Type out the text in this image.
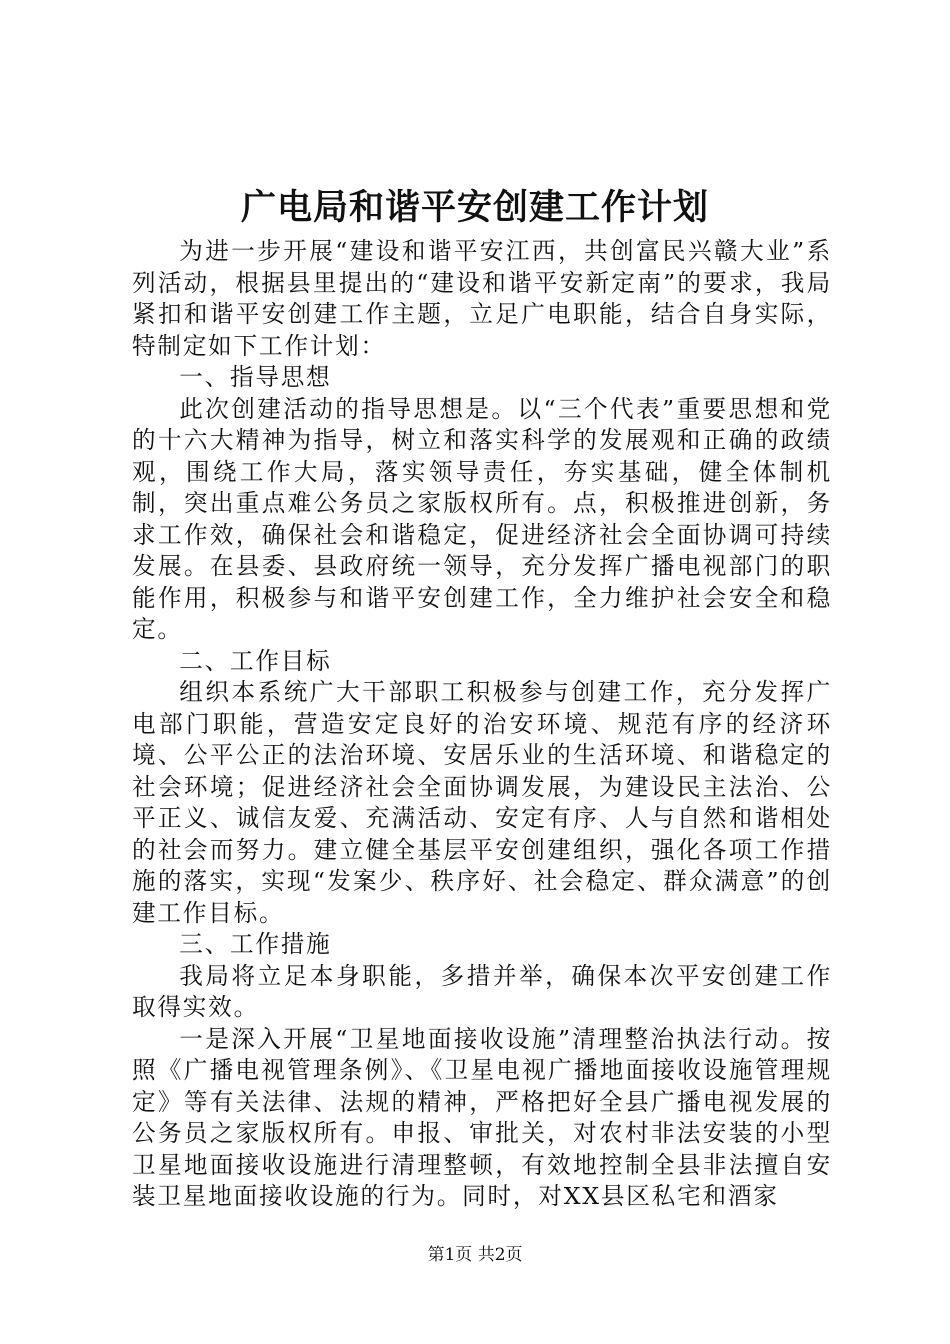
广电局和谐平安创建工作计划

为进一步开展“建设和谐平安江西，共创富民兴赣大业”系列活动，根据县里提出的“建设和谐平安新定南”的要求，我局紧扣和谐平安创建工作主题，立足广电职能，结合自身实际，特制定如下工作计划：

一、指导思想

此次创建活动的指导思想是。以“三个代表”重要思想和党的十六大精神为指导，树立和落实科学的发展观和正确的政绩观，围绕工作大局，落实领导责任，夯实基础，健全体制机制，突出重点难公务员之家版权所有。点，积极推进创新，务求工作效，确保社会和谐稳定，促进经济社会全面协调可持续发展。在县委、县政府统一领导，充分发挥广播电视部门的职能作用，积极参与和谐平安创建工作，全力维护社会安全和稳定。

二、工作目标

组织本系统广大干部职工积极参与创建工作，充分发挥广电部门职能，营造安定良好的治安环境、规范有序的经济环境、公平公正的法治环境、安居乐业的生活环境、和谐稳定的社会环境；促进经济社会全面协调发展，为建设民主法治、公平正义、诚信友爱、充满活动、安定有序、人与自然和谐相处的社会而努力。建立健全基层平安创建组织，强化各项工作措施的落实，实现“发案少、秩序好、社会稳定、群众满意”的创建工作目标。

三、工作措施

我局将立足本身职能，多措并举，确保本次平安创建工作取得实效。

一是深入开展“卫星地面接收设施”清理整治执法行动。按照《广播电视管理条例》、《卫星电视广播地面接收设施管理规定》等有关法律、法规的精神，严格把好全县广播电视发展的公务员之家版权所有。申报、审批关，对农村非法安装的小型卫星地面接收设施进行清理整顿，有效地控制全县非法擅自安装卫星地面接收设施的行为。同时，对XX县区私宅和酒家

第1页 共2页
